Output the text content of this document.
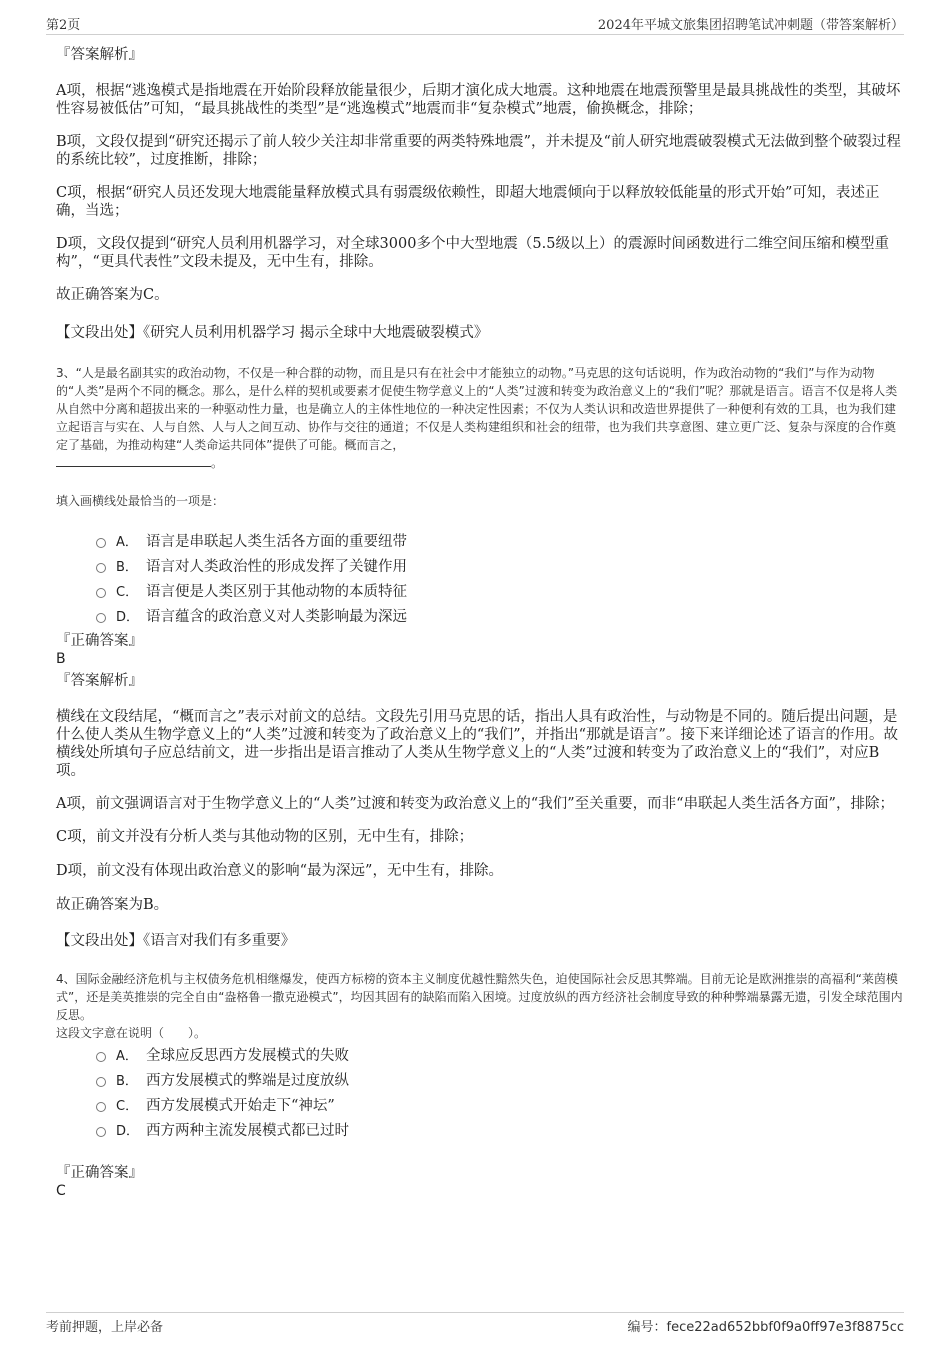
第2页	2024年平城文旅集团招聘笔试冲刺题（带答案解析）
『答案解析』

A项，根据“逃逸模式是指地震在开始阶段释放能量很少，后期才演化成大地震。这种地震在地震预警里是最具挑战性的类型，其破坏性容易被低估”可知，“最具挑战性的类型”是“逃逸模式”地震而非“复杂模式”地震，偷换概念，排除；

B项，文段仅提到“研究还揭示了前人较少关注却非常重要的两类特殊地震”，并未提及“前人研究地震破裂模式无法做到整个破裂过程的系统比较”，过度推断，排除；

C项，根据“研究人员还发现大地震能量释放模式具有弱震级依赖性，即超大地震倾向于以释放较低能量的形式开始”可知，表述正确，当选；

D项，文段仅提到“研究人员利用机器学习，对全球3000多个中大型地震（5.5级以上）的震源时间函数进行二维空间压缩和模型重构”，“更具代表性”文段未提及，无中生有，排除。

故正确答案为C。

【文段出处】《研究人员利用机器学习 揭示全球中大地震破裂模式》

3、“人是最名副其实的政治动物，不仅是一种合群的动物，而且是只有在社会中才能独立的动物。”马克思的这句话说明，作为政治动物的“我们”与作为动物的“人类”是两个不同的概念。那么，是什么样的契机或要素才促使生物学意义上的“人类”过渡和转变为政治意义上的“我们”呢？那就是语言。语言不仅是将人类从自然中分离和超拔出来的一种驱动性力量，也是确立人的主体性地位的一种决定性因素；不仅为人类认识和改造世界提供了一种便利有效的工具，也为我们建立起语言与实在、人与自然、人与人之间互动、协作与交往的通道；不仅是人类构建组织和社会的纽带，也为我们共享意图、建立更广泛、复杂与深度的合作奠定了基础，为推动构建“人类命运共同体”提供了可能。概而言之，
。

填入画横线处最恰当的一项是：
A． 语言是串联起人类生活各方面的重要纽带
B． 语言对人类政治性的形成发挥了关键作用
C． 语言便是人类区别于其他动物的本质特征
D． 语言蕴含的政治意义对人类影响最为深远
『正确答案』
B
『答案解析』

横线在文段结尾，“概而言之”表示对前文的总结。文段先引用马克思的话，指出人具有政治性，与动物是不同的。随后提出问题，是什么使人类从生物学意义上的“人类”过渡和转变为了政治意义上的“我们”，并指出“那就是语言”。接下来详细论述了语言的作用。故横线处所填句子应总结前文，进一步指出是语言推动了人类从生物学意义上的“人类”过渡和转变为了政治意义上的“我们”，对应B项。

A项，前文强调语言对于生物学意义上的“人类”过渡和转变为政治意义上的“我们”至关重要，而非“串联起人类生活各方面”，排除；

C项，前文并没有分析人类与其他动物的区别，无中生有，排除；

D项，前文没有体现出政治意义的影响“最为深远”，无中生有，排除。

故正确答案为B。

【文段出处】《语言对我们有多重要》

4、国际金融经济危机与主权债务危机相继爆发，使西方标榜的资本主义制度优越性黯然失色，迫使国际社会反思其弊端。目前无论是欧洲推崇的高福利“莱茵模式”，还是美英推崇的完全自由“盎格鲁一撒克逊模式”，均因其固有的缺陷而陷入困境。过度放纵的西方经济社会制度导致的种种弊端暴露无遗，引发全球范围内反思。

这段文字意在说明（　　）。
A． 全球应反思西方发展模式的失败
B． 西方发展模式的弊端是过度放纵
C． 西方发展模式开始走下“神坛”
D． 西方两种主流发展模式都已过时
『正确答案』
C
考前押题，上岸必备	编号：fece22ad652bbf0f9a0ff97e3f8875cc
